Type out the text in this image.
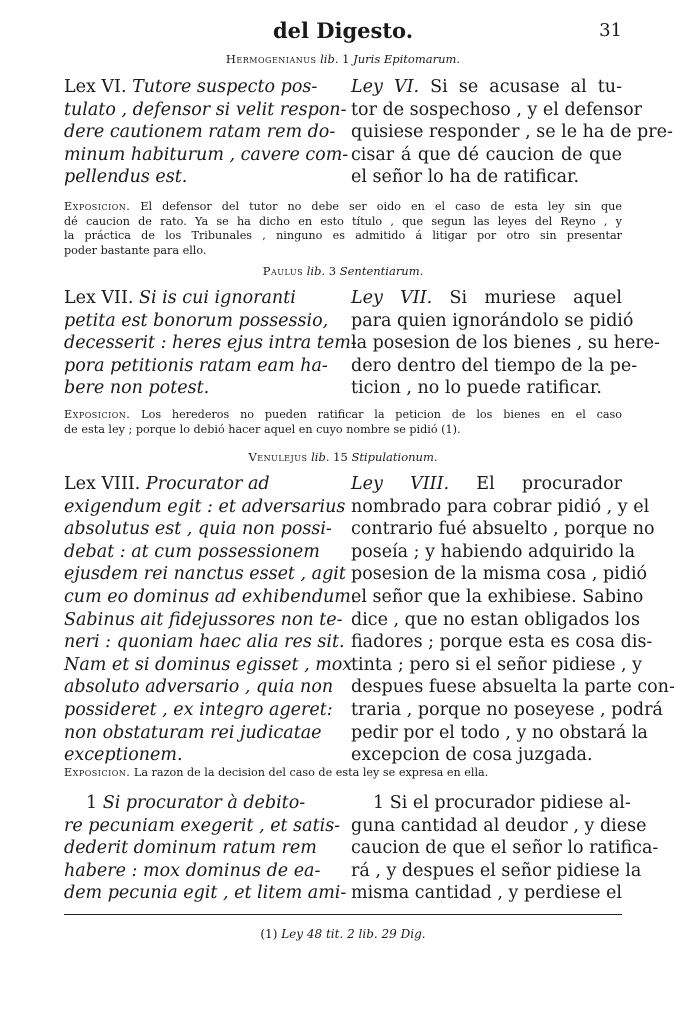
del Digesto.	31
Hermogenianus lib. 1 Juris Epitomarum.
Lex VI. Tutore suspecto pos-
tulato , defensor si velit respon-
dere cautionem ratam rem do-
minum habiturum , cavere com-
pellendus est.
Ley VI. Si se acusase al tu-
tor de sospechoso , y el defensor
quisiese responder , se le ha de pre-
cisar á que dé caucion de que
el señor lo ha de ratificar.
Exposicion. El defensor del tutor no debe ser oido en el caso de esta ley sin que
dé caucion de rato. Ya se ha dicho en esto título , que segun las leyes del Reyno , y
la práctica de los Tribunales , ninguno es admitido á litigar por otro sin presentar
poder bastante para ello.
Paulus lib. 3 Sententiarum.
Lex VII. Si is cui ignoranti
petita est bonorum possessio,
decesserit : heres ejus intra tem-
pora petitionis ratam eam ha-
bere non potest.
Ley VII. Si muriese aquel
para quien ignorándolo se pidió
la posesion de los bienes , su here-
dero dentro del tiempo de la pe-
ticion , no lo puede ratificar.
Exposicion. Los herederos no pueden ratificar la peticion de los bienes en el caso
de esta ley ; porque lo debió hacer aquel en cuyo nombre se pidió (1).
Venulejus lib. 15 Stipulationum.
Lex VIII. Procurator ad
exigendum egit : et adversarius
absolutus est , quia non possi-
debat : at cum possessionem
ejusdem rei nanctus esset , agit
cum eo dominus ad exhibendum.
Sabinus ait fidejussores non te-
neri : quoniam haec alia res sit.
Nam et si dominus egisset , mox
absoluto adversario , quia non
possideret , ex integro ageret:
non obstaturam rei judicatae
exceptionem.
Ley VIII. El procurador
nombrado para cobrar pidió , y el
contrario fué absuelto , porque no
poseía ; y habiendo adquirido la
posesion de la misma cosa , pidió
el señor que la exhibiese. Sabino
dice , que no estan obligados los
fiadores ; porque esta es cosa dis-
tinta ; pero si el señor pidiese , y
despues fuese absuelta la parte con-
traria , porque no poseyese , podrá
pedir por el todo , y no obstará la
excepcion de cosa juzgada.
Exposicion. La razon de la decision del caso de esta ley se expresa en ella.
1 Si procurator à debito-
re pecuniam exegerit , et satis-
dederit dominum ratum rem
habere : mox dominus de ea-
dem pecunia egit , et litem ami-
1 Si el procurador pidiese al-
guna cantidad al deudor , y diese
caucion de que el señor lo ratifica-
rá , y despues el señor pidiese la
misma cantidad , y perdiese el
(1) Ley 48 tit. 2 lib. 29 Dig.
